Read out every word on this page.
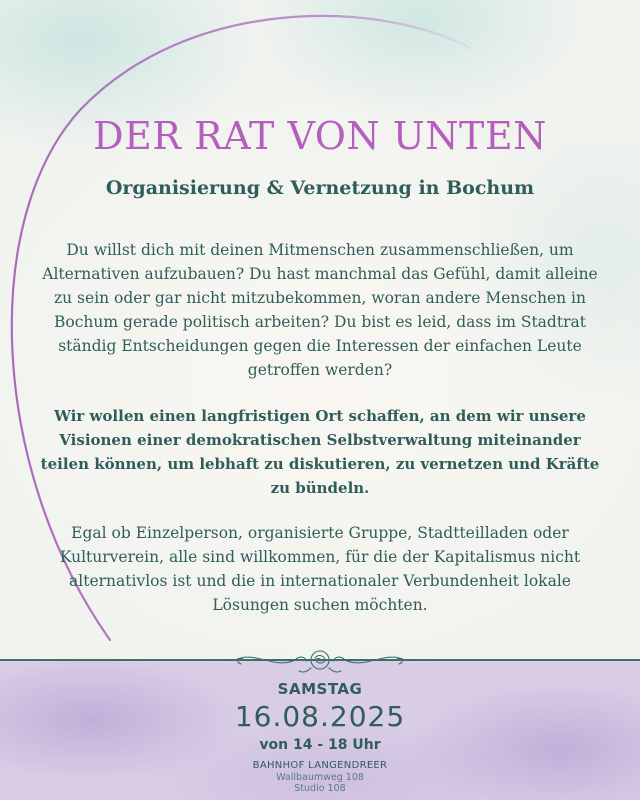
DER RAT VON UNTEN
Organisierung & Vernetzung in Bochum

Du willst dich mit deinen Mitmenschen zusammenschließen, um Alternativen aufzubauen? Du hast manchmal das Gefühl, damit alleine zu sein oder gar nicht mitzubekommen, woran andere Menschen in Bochum gerade politisch arbeiten? Du bist es leid, dass im Stadtrat ständig Entscheidungen gegen die Interessen der einfachen Leute getroffen werden?

Wir wollen einen langfristigen Ort schaffen, an dem wir unsere Visionen einer demokratischen Selbstverwaltung miteinander teilen können, um lebhaft zu diskutieren, zu vernetzen und Kräfte zu bündeln.

Egal ob Einzelperson, organisierte Gruppe, Stadtteilladen oder Kulturverein, alle sind willkommen, für die der Kapitalismus nicht alternativlos ist und die in internationaler Verbundenheit lokale Lösungen suchen möchten.

SAMSTAG
16.08.2025
von 14 - 18 Uhr
BAHNHOF LANGENDREER
Wallbaumweg 108
Studio 108
